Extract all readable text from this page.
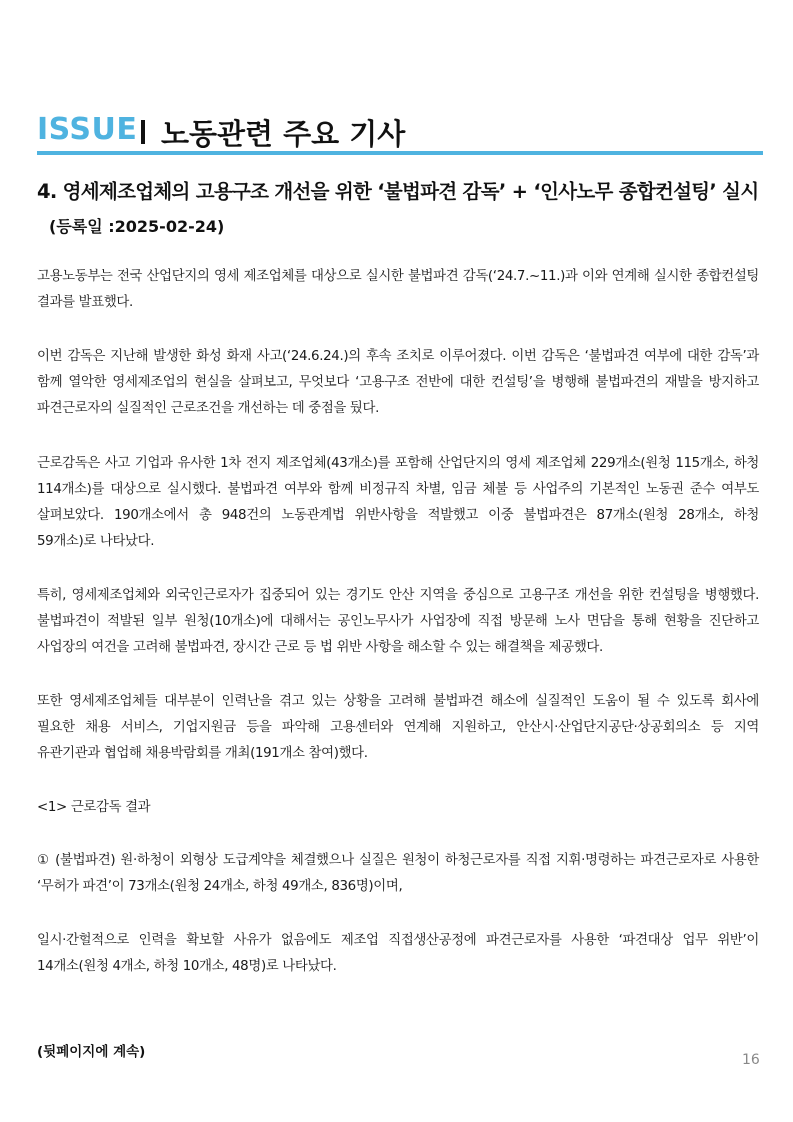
ISSUE 노동관련 주요 기사
4. 영세제조업체의 고용구조 개선을 위한 ‘불법파견 감독’ + ‘인사노무 종합컨설팅’ 실시
(등록일 :2025-02-24)
고용노동부는 전국 산업단지의 영세 제조업체를 대상으로 실시한 불법파견 감독(‘24.7.~11.)과 이와 연계해 실시한 종합컨설팅
결과를 발표했다.
이번 감독은 지난해 발생한 화성 화재 사고(‘24.6.24.)의 후속 조치로 이루어졌다. 이번 감독은 ‘불법파견 여부에 대한 감독’과
함께 열악한 영세제조업의 현실을 살펴보고, 무엇보다 ‘고용구조 전반에 대한 컨설팅’을 병행해 불법파견의 재발을 방지하고
파견근로자의 실질적인 근로조건을 개선하는 데 중점을 뒀다.
근로감독은 사고 기업과 유사한 1차 전지 제조업체(43개소)를 포함해 산업단지의 영세 제조업체 229개소(원청 115개소, 하청
114개소)를 대상으로 실시했다. 불법파견 여부와 함께 비정규직 차별, 임금 체불 등 사업주의 기본적인 노동권 준수 여부도
살펴보았다. 190개소에서 총 948건의 노동관계법 위반사항을 적발했고 이중 불법파견은 87개소(원청 28개소, 하청
59개소)로 나타났다.
특히, 영세제조업체와 외국인근로자가 집중되어 있는 경기도 안산 지역을 중심으로 고용구조 개선을 위한 컨설팅을 병행했다.
불법파견이 적발된 일부 원청(10개소)에 대해서는 공인노무사가 사업장에 직접 방문해 노사 면담을 통해 현황을 진단하고
사업장의 여건을 고려해 불법파견, 장시간 근로 등 법 위반 사항을 해소할 수 있는 해결책을 제공했다.
또한 영세제조업체들 대부분이 인력난을 겪고 있는 상황을 고려해 불법파견 해소에 실질적인 도움이 될 수 있도록 회사에
필요한 채용 서비스, 기업지원금 등을 파악해 고용센터와 연계해 지원하고, 안산시·산업단지공단·상공회의소 등 지역
유관기관과 협업해 채용박람회를 개최(191개소 참여)했다.
<1> 근로감독 결과
① (불법파견) 원·하청이 외형상 도급계약을 체결했으나 실질은 원청이 하청근로자를 직접 지휘·명령하는 파견근로자로 사용한
‘무허가 파견’이 73개소(원청 24개소, 하청 49개소, 836명)이며,
일시·간헐적으로 인력을 확보할 사유가 없음에도 제조업 직접생산공정에 파견근로자를 사용한 ‘파견대상 업무 위반’이
14개소(원청 4개소, 하청 10개소, 48명)로 나타났다.
(뒷페이지에 계속)	16
